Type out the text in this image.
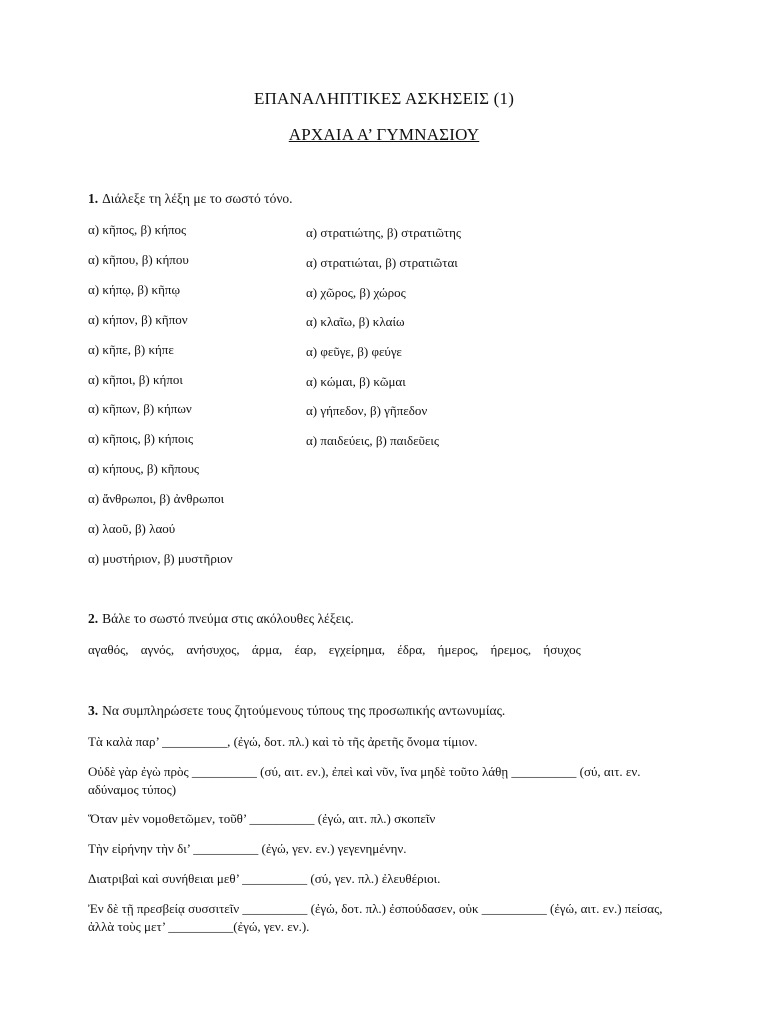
ΕΠΑΝΑΛΗΠΤΙΚΕΣ ΑΣΚΗΣΕΙΣ (1)
ΑΡΧΑΙΑ Α’ ΓΥΜΝΑΣΙΟΥ
1. Διάλεξε τη λέξη με το σωστό τόνο.
α) κῆπος, β) κήπος
α) κῆπου, β) κήπου
α) κήπῳ, β) κῆπῳ
α) κήπον, β) κῆπον
α) κῆπε, β) κήπε
α) κῆποι, β) κήποι
α) κῆπων, β) κήπων
α) κῆποις, β) κήποις
α) κήπους, β) κῆπους
α) ἄνθρωποι, β) ἀνθρωποι
α) λαοῦ, β) λαού
α) μυστήριον, β) μυστῆριον
α) στρατιώτης, β) στρατιῶτης
α) στρατιώται, β) στρατιῶται
α) χῶρος, β) χώρος
α) κλαῖω, β) κλαίω
α) φεῦγε, β) φεύγε
α) κώμαι, β) κῶμαι
α) γήπεδον, β) γῆπεδον
α) παιδεύεις, β) παιδεῦεις
2. Βάλε το σωστό πνεύμα στις ακόλουθες λέξεις.
αγαθός, αγνός, ανήσυχος, άρμα, έαρ, εγχείρημα, έδρα, ήμερος, ήρεμος, ήσυχος
3. Να συμπληρώσετε τους ζητούμενους τύπους της προσωπικής αντωνυμίας.
Τὰ καλὰ παρ’ __________, (ἐγώ, δοτ. πλ.) καὶ τὸ τῆς ἀρετῆς ὄνομα τίμιον.
Οὐδὲ γὰρ ἐγὼ πρὸς __________ (σύ, αιτ. εν.), ἐπεὶ καὶ νῦν, ἵνα μηδὲ τοῦτο λάθῃ __________ (σύ, αιτ. εν. αδύναμος τύπος)
Ὅταν μὲν νομοθετῶμεν, τοῦθ’ __________ (ἐγώ, αιτ. πλ.) σκοπεῖν
Τὴν εἰρήνην τὴν δι’ __________ (ἐγώ, γεν. εν.) γεγενημένην.
Διατριβαὶ καὶ συνήθειαι μεθ’ __________ (σύ, γεν. πλ.) ἐλευθέριοι.
Ἐν δὲ τῇ πρεσβείᾳ συσσιτεῖν __________ (ἐγώ, δοτ. πλ.) ἐσπούδασεν, οὐκ __________ (ἐγώ, αιτ. εν.) πείσας, ἀλλὰ τοὺς μετ’ __________(ἐγώ, γεν. εν.).
